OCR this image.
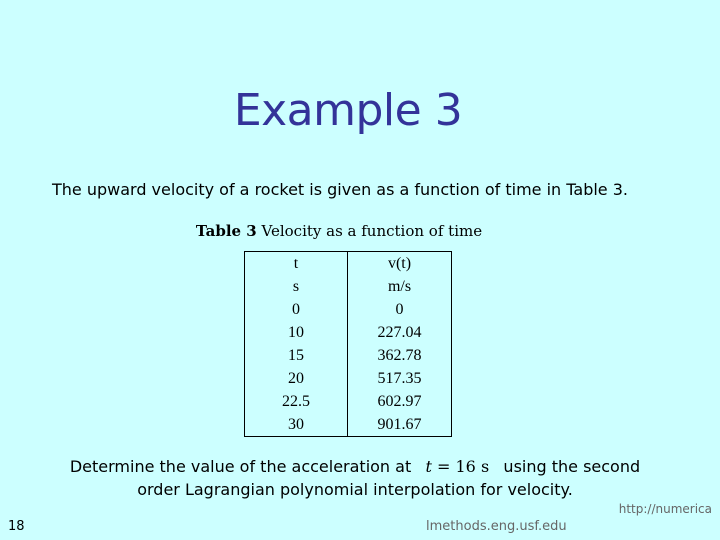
Example 3
The upward velocity of a rocket is given as a function of time in Table 3.
Table 3 Velocity as a function of time
t	v(t)
s	m/s
0	0
10	227.04
15	362.78
20	517.35
22.5	602.97
30	901.67
Determine the value of the acceleration at t = 16 s using the second
order Lagrangian polynomial interpolation for velocity.
18
http://numerica
lmethods.eng.usf.edu
